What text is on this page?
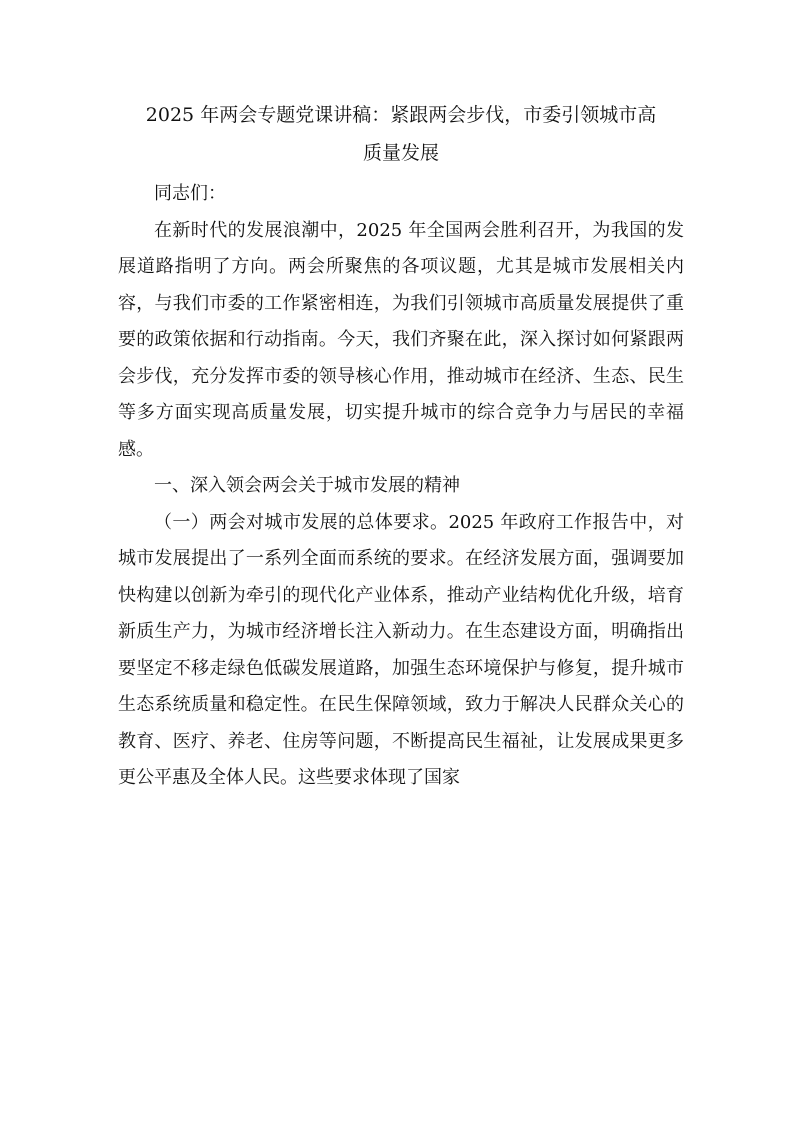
2025 年两会专题党课讲稿：紧跟两会步伐，市委引领城市高
质量发展

同志们：

在新时代的发展浪潮中，2025 年全国两会胜利召开，为我国的发展道路指明了方向。两会所聚焦的各项议题，尤其是城市发展相关内容，与我们市委的工作紧密相连，为我们引领城市高质量发展提供了重要的政策依据和行动指南。今天，我们齐聚在此，深入探讨如何紧跟两会步伐，充分发挥市委的领导核心作用，推动城市在经济、生态、民生等多方面实现高质量发展，切实提升城市的综合竞争力与居民的幸福感。

一、深入领会两会关于城市发展的精神

（一）两会对城市发展的总体要求。2025 年政府工作报告中，对城市发展提出了一系列全面而系统的要求。在经济发展方面，强调要加快构建以创新为牵引的现代化产业体系，推动产业结构优化升级，培育新质生产力，为城市经济增长注入新动力。在生态建设方面，明确指出要坚定不移走绿色低碳发展道路，加强生态环境保护与修复，提升城市生态系统质量和稳定性。在民生保障领域，致力于解决人民群众关心的教育、医疗、养老、住房等问题，不断提高民生福祉，让发展成果更多更公平惠及全体人民。这些要求体现了国家
